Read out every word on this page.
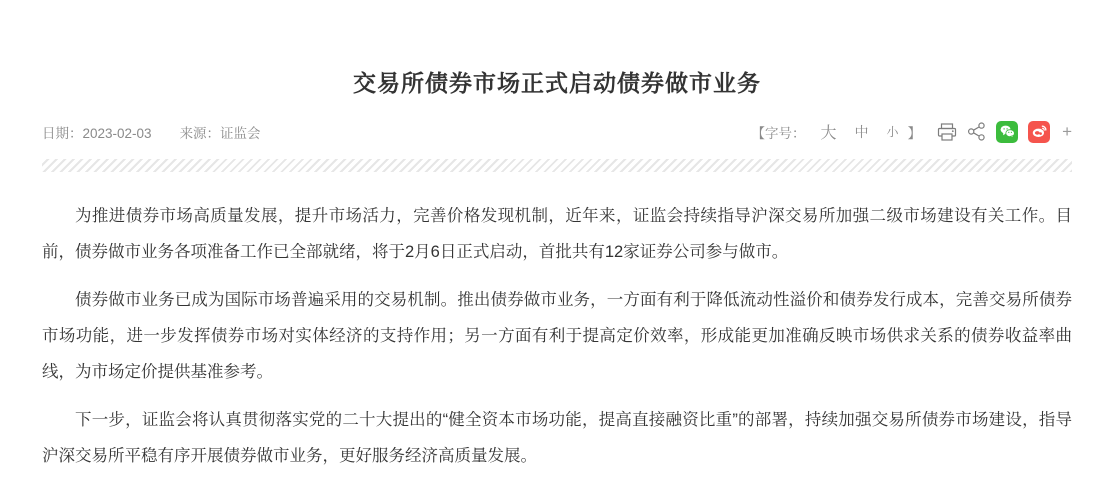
交易所债券市场正式启动债券做市业务
日期：2023-02-03 来源：证监会	【字号： 大 中 小 】	+

为推进债券市场高质量发展，提升市场活力，完善价格发现机制，近年来，证监会持续指导沪深交易所加强二级市场建设有关工作。目前，债券做市业务各项准备工作已全部就绪，将于2月6日正式启动，首批共有12家证券公司参与做市。

债券做市业务已成为国际市场普遍采用的交易机制。推出债券做市业务，一方面有利于降低流动性溢价和债券发行成本，完善交易所债券市场功能，进一步发挥债券市场对实体经济的支持作用；另一方面有利于提高定价效率，形成能更加准确反映市场供求关系的债券收益率曲线，为市场定价提供基准参考。

下一步，证监会将认真贯彻落实党的二十大提出的“健全资本市场功能，提高直接融资比重”的部署，持续加强交易所债券市场建设，指导沪深交易所平稳有序开展债券做市业务，更好服务经济高质量发展。
